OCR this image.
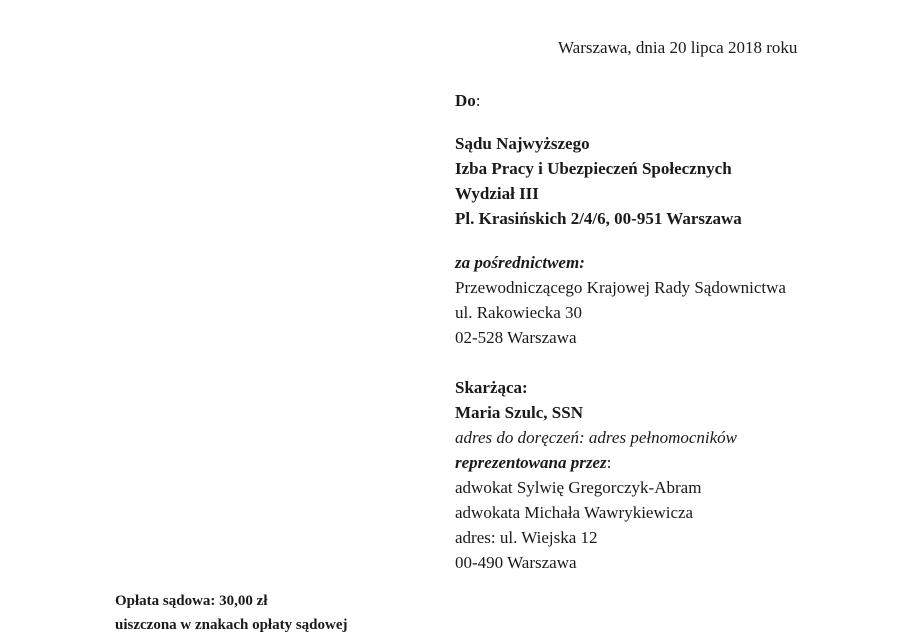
Warszawa, dnia 20 lipca 2018 roku
Do:
Sądu Najwyższego
Izba Pracy i Ubezpieczeń Społecznych
Wydział III
Pl. Krasińskich 2/4/6, 00-951 Warszawa
za pośrednictwem:
Przewodniczącego Krajowej Rady Sądownictwa
ul. Rakowiecka 30
02-528 Warszawa
Skarżąca:
Maria Szulc, SSN
adres do doręczeń: adres pełnomocników
reprezentowana przez:
adwokat Sylwię Gregorczyk-Abram
adwokata Michała Wawrykiewicza
adres: ul. Wiejska 12
00-490 Warszawa
Opłata sądowa: 30,00 zł
uiszczona w znakach opłaty sądowej
